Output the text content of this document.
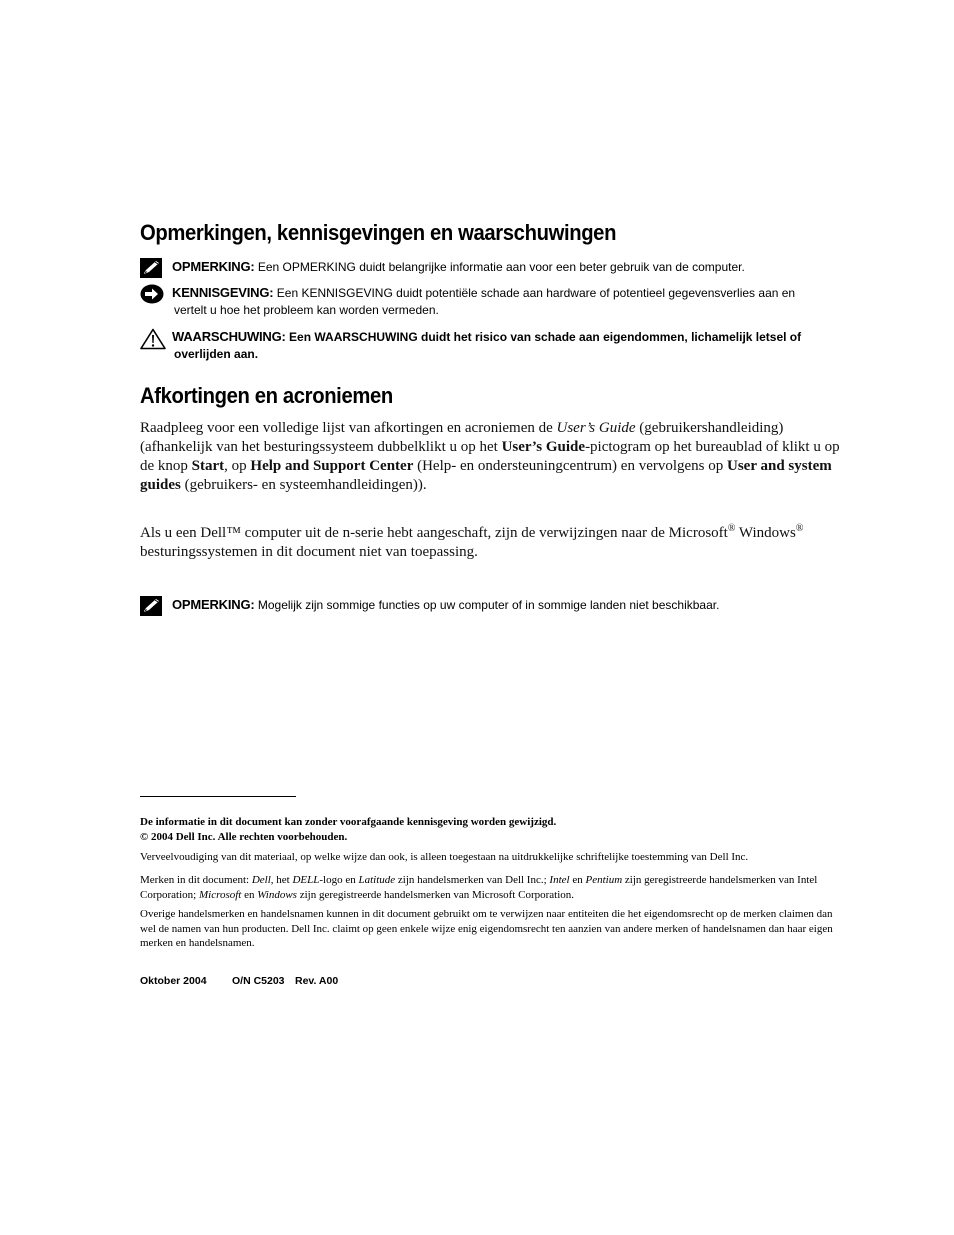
Opmerkingen, kennisgevingen en waarschuwingen
OPMERKING: Een OPMERKING duidt belangrijke informatie aan voor een beter gebruik van de computer.
KENNISGEVING: Een KENNISGEVING duidt potentiële schade aan hardware of potentieel gegevensverlies aan en
vertelt u hoe het probleem kan worden vermeden.
WAARSCHUWING: Een WAARSCHUWING duidt het risico van schade aan eigendommen, lichamelijk letsel of
overlijden aan.
Afkortingen en acroniemen

Raadpleeg voor een volledige lijst van afkortingen en acroniemen de User’s Guide (gebruikershandleiding) (afhankelijk van het besturingssysteem dubbelklikt u op het User’s Guide-pictogram op het bureaublad of klikt u op de knop Start, op Help and Support Center (Help- en ondersteuningcentrum) en vervolgens op User and system guides (gebruikers- en systeemhandleidingen)).

Als u een Dell™ computer uit de n-serie hebt aangeschaft, zijn de verwijzingen naar de Microsoft® Windows® besturingssystemen in dit document niet van toepassing.

OPMERKING: Mogelijk zijn sommige functies op uw computer of in sommige landen niet beschikbaar.

De informatie in dit document kan zonder voorafgaande kennisgeving worden gewijzigd.
© 2004 Dell Inc. Alle rechten voorbehouden.

Verveelvoudiging van dit materiaal, op welke wijze dan ook, is alleen toegestaan na uitdrukkelijke schriftelijke toestemming van Dell Inc.

Merken in dit document: Dell, het DELL-logo en Latitude zijn handelsmerken van Dell Inc.; Intel en Pentium zijn geregistreerde handelsmerken van Intel Corporation; Microsoft en Windows zijn geregistreerde handelsmerken van Microsoft Corporation.

Overige handelsmerken en handelsnamen kunnen in dit document gebruikt om te verwijzen naar entiteiten die het eigendomsrecht op de merken claimen dan wel de namen van hun producten. Dell Inc. claimt op geen enkele wijze enig eigendomsrecht ten aanzien van andere merken of handelsnamen dan haar eigen merken en handelsnamen.

Oktober 2004 O/N C5203 Rev. A00
